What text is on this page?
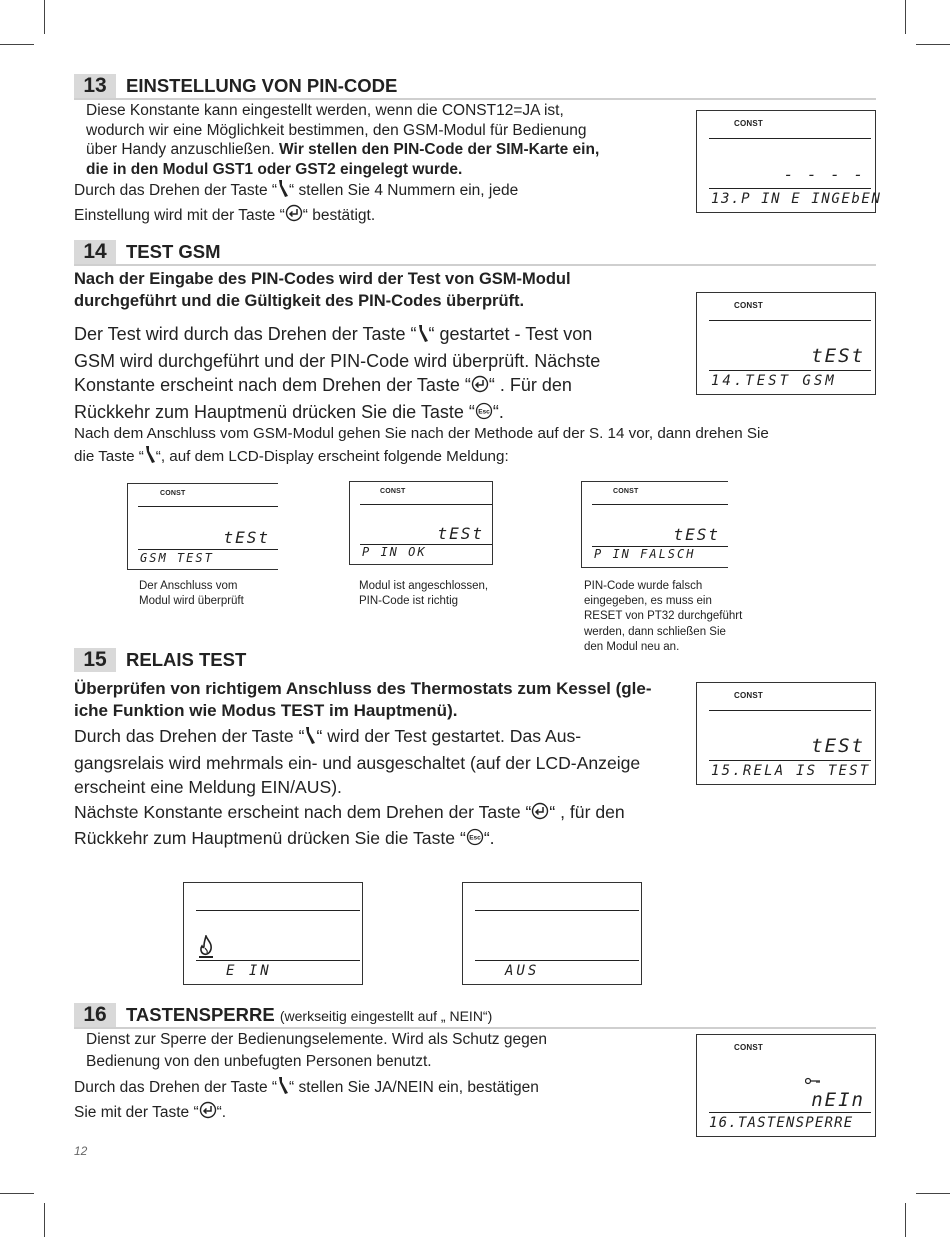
13	EINSTELLUNG VON PIN-CODE
Diese Konstante kann eingestellt werden, wenn die CONST12=JA ist,
wodurch wir eine Möglichkeit bestimmen, den GSM-Modul für Bedienung
über Handy anzuschließen. Wir stellen den PIN-Code der SIM-Karte ein,
die in den Modul GST1 oder GST2 eingelegt wurde.
Durch das Drehen der Taste “ “ stellen Sie 4 Nummern ein, jede
Einstellung wird mit der Taste “ “ bestätigt.
CONST
- - - -
13.P IN E INGEbEN
14	TEST GSM
Nach der Eingabe des PIN-Codes wird der Test von GSM-Modul
durchgeführt und die Gültigkeit des PIN-Codes überprüft.
Der Test wird durch das Drehen der Taste “ “ gestartet - Test von
GSM wird durchgeführt und der PIN-Code wird überprüft. Nächste
Konstante erscheint nach dem Drehen der Taste “ “ . Für den
Rückkehr zum Hauptmenü drücken Sie die Taste “ Esc “.
CONST
tESt
14.TEST GSM
Nach dem Anschluss vom GSM-Modul gehen Sie nach der Methode auf der S. 14 vor, dann drehen Sie
die Taste “ “, auf dem LCD-Display erscheint folgende Meldung:
CONST
tESt
GSM TEST
Der Anschluss vom
Modul wird überprüft
CONST
tESt
P IN OK
Modul ist angeschlossen,
PIN-Code ist richtig
CONST
tESt
P IN FALSCH
PIN-Code wurde falsch
eingegeben, es muss ein
RESET von PT32 durchgeführt
werden, dann schließen Sie
den Modul neu an.
15	RELAIS TEST
Überprüfen von richtigem Anschluss des Thermostats zum Kessel (gle-
iche Funktion wie Modus TEST im Hauptmenü).
Durch das Drehen der Taste “ “ wird der Test gestartet. Das Aus-
gangsrelais wird mehrmals ein- und ausgeschaltet (auf der LCD-Anzeige
erscheint eine Meldung EIN/AUS).
Nächste Konstante erscheint nach dem Drehen der Taste “ “ , für den
Rückkehr zum Hauptmenü drücken Sie die Taste “ Esc “.
CONST
tESt
15.RELA IS TEST
E IN	AUS
16	TASTENSPERRE (werkseitig eingestellt auf „ NEIN“)
Dienst zur Sperre der Bedienungselemente. Wird als Schutz gegen
Bedienung von den unbefugten Personen benutzt.
Durch das Drehen der Taste “ “ stellen Sie JA/NEIN ein, bestätigen
Sie mit der Taste “ “.
CONST
nEIn
16.TASTENSPERRE
12
